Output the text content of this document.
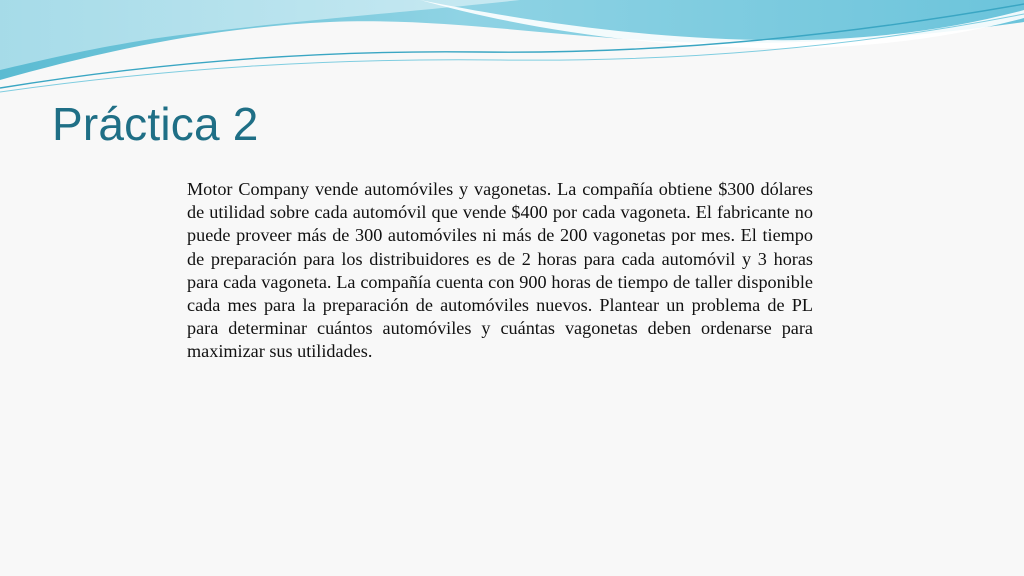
Práctica 2

Motor Company vende automóviles y vagonetas. La compañía obtiene $300 dólares de utilidad sobre cada automóvil que vende $400 por cada vagoneta. El fabricante no puede proveer más de 300 automóviles ni más de 200 vagonetas por mes. El tiempo de preparación para los distribuidores es de 2 horas para cada automóvil y 3 horas para cada vagoneta. La compañía cuenta con 900 horas de tiempo de taller disponible cada mes para la preparación de automóviles nuevos. Plantear un problema de PL para determinar cuántos automóviles y cuántas vagonetas deben ordenarse para maximizar sus utilidades.
